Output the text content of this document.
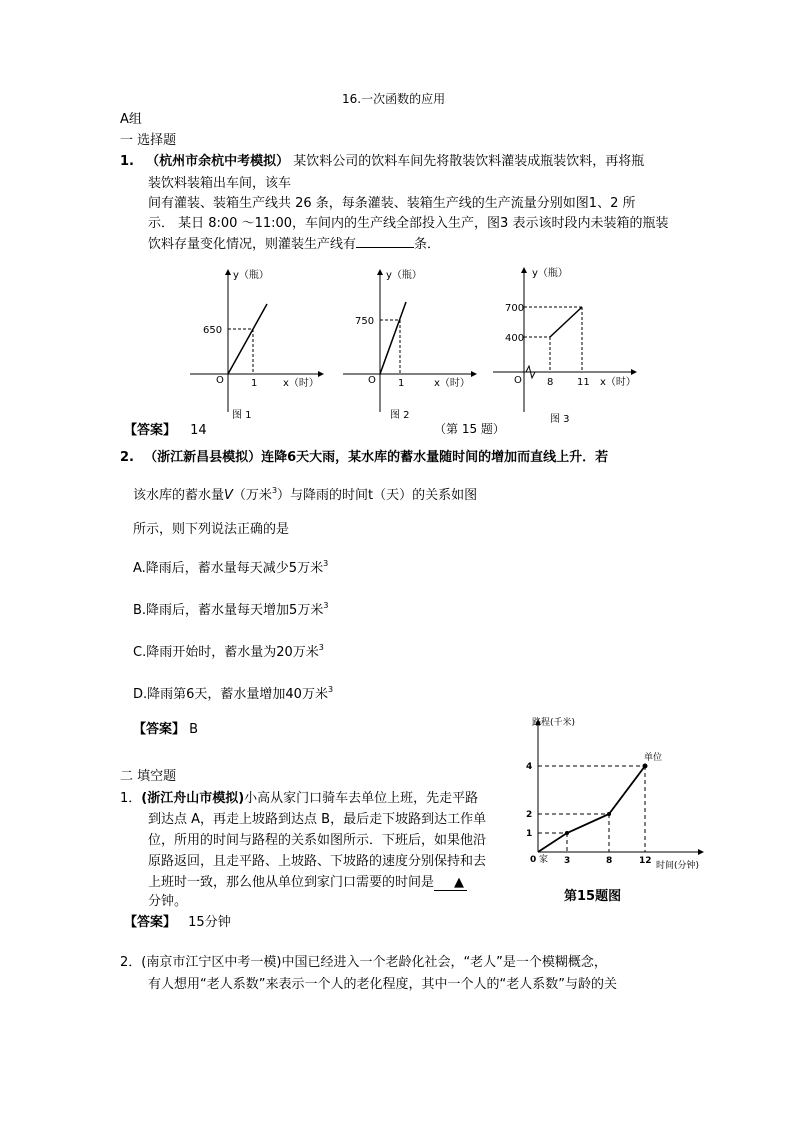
16.一次函数的应用
A组
一 选择题
1. （杭州市余杭中考模拟） 某饮料公司的饮料车间先将散装饮料灌装成瓶装饮料，再将瓶
装饮料装箱出车间，该车
间有灌装、装箱生产线共 26 条，每条灌装、装箱生产线的生产流量分别如图1、2 所
示． 某日 8:00 ～11:00，车间内的生产线全部投入生产，图3 表示该时段内未装箱的瓶装
饮料存量变化情况，则灌装生产线有	条．
y（瓶）
650
O	1	x（时）
图 1
y（瓶）
750
O 1	x（时）
图 2
y（瓶）
700
400
O	8 11 x（时）
图 3
【答案】 14	（第 15 题）
2. （浙江新昌县模拟）连降6天大雨，某水库的蓄水量随时间的增加而直线上升．若
该水库的蓄水量V（万米$^3$）与降雨的时间t（天）的关系如图
所示，则下列说法正确的是
A.降雨后，蓄水量每天减少5万米$^3$
B.降雨后，蓄水量每天增加5万米$^3$
C.降雨开始时，蓄水量为20万米$^3$
D.降雨第6天，蓄水量增加40万米$^3$
【答案】 B
二 填空题
1．(浙江舟山市模拟)小高从家门口骑车去单位上班，先走平路
到达点 A，再走上坡路到达点 B，最后走下坡路到达工作单
位，所用的时间与路程的关系如图所示．下班后，如果他沿
原路返回，且走平路、上坡路、下坡路的速度分别保持和去
上班时一致，那么他从单位到家门口需要的时间是 ▲
分钟。
【答案】 15分钟
路程(千米)
单位
4
2
1
0 家 3	8	12 时间(分钟)
第15题图
2．(南京市江宁区中考一模)中国已经进入一个老龄化社会，“老人”是一个模糊概念，
有人想用“老人系数”来表示一个人的老化程度，其中一个人的“老人系数”与龄的关
